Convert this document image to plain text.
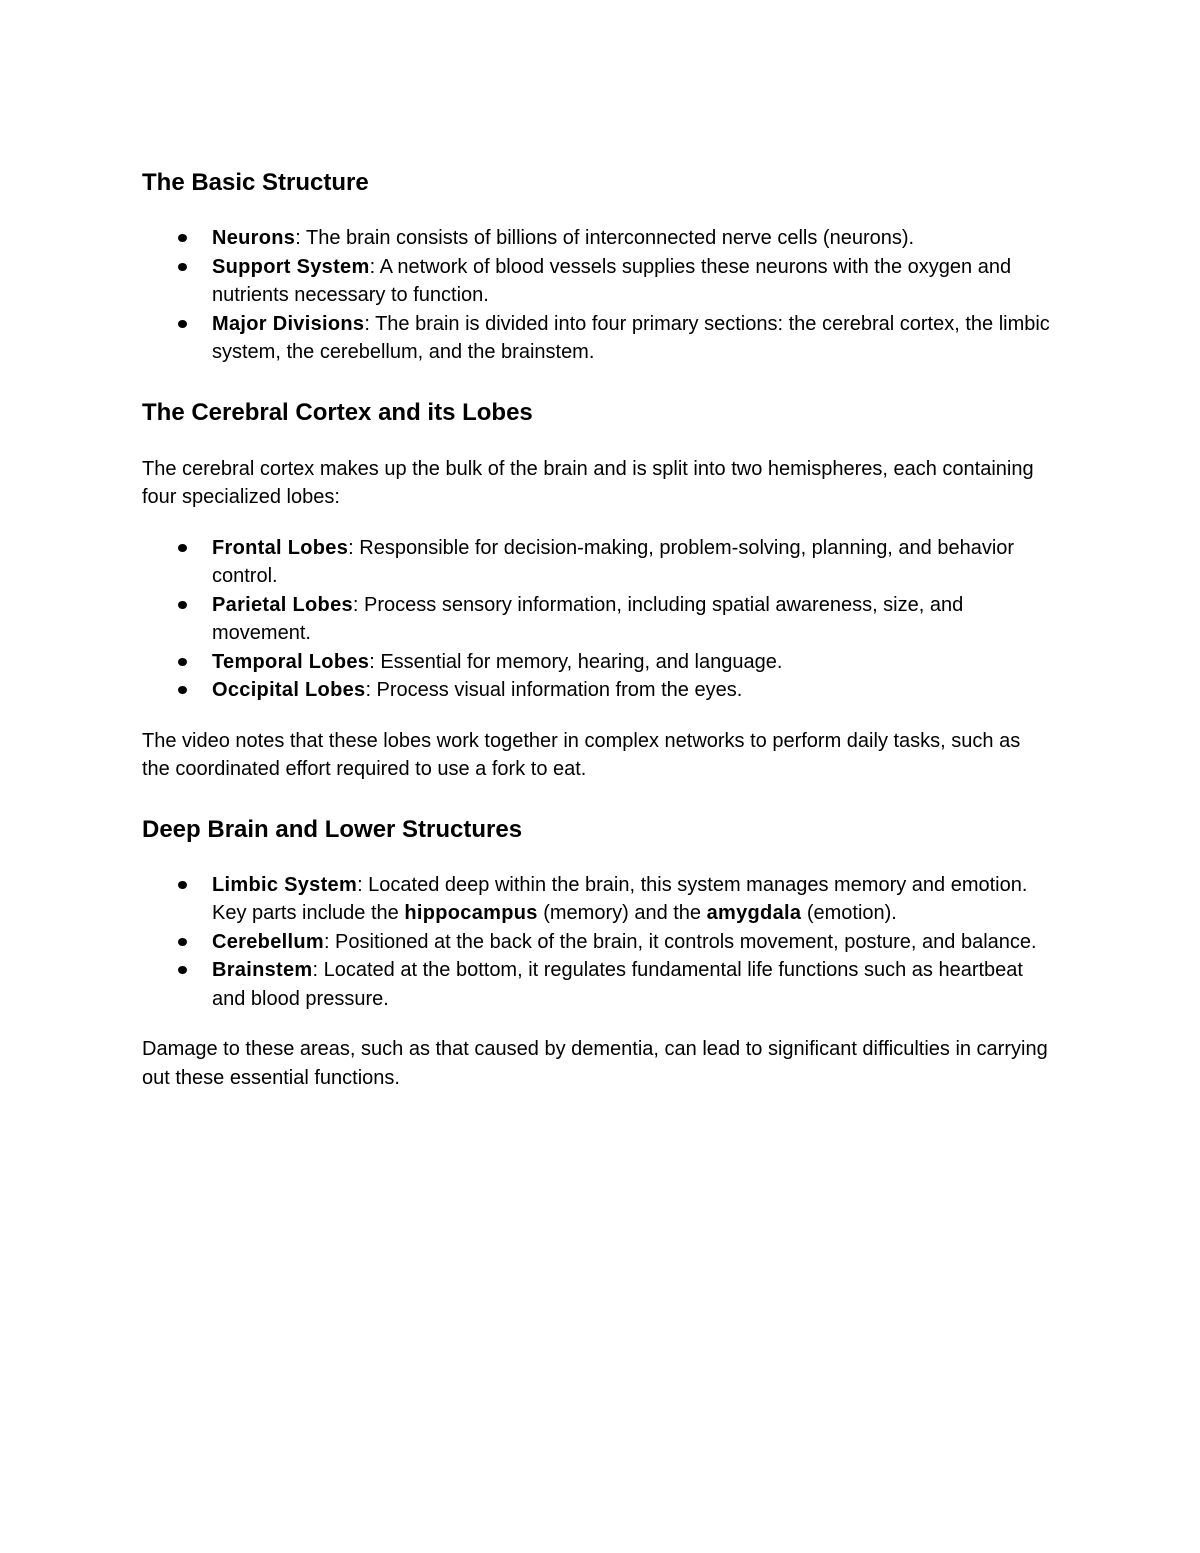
The Basic Structure
Neurons: The brain consists of billions of interconnected nerve cells (neurons).
Support System: A network of blood vessels supplies these neurons with the oxygen and nutrients necessary to function.
Major Divisions: The brain is divided into four primary sections: the cerebral cortex, the limbic system, the cerebellum, and the brainstem.
The Cerebral Cortex and its Lobes

The cerebral cortex makes up the bulk of the brain and is split into two hemispheres, each containing four specialized lobes:

Frontal Lobes: Responsible for decision-making, problem-solving, planning, and behavior control.
Parietal Lobes: Process sensory information, including spatial awareness, size, and movement.
Temporal Lobes: Essential for memory, hearing, and language.
Occipital Lobes: Process visual information from the eyes.

The video notes that these lobes work together in complex networks to perform daily tasks, such as the coordinated effort required to use a fork to eat.

Deep Brain and Lower Structures
Limbic System: Located deep within the brain, this system manages memory and emotion. Key parts include the hippocampus (memory) and the amygdala (emotion).
Cerebellum: Positioned at the back of the brain, it controls movement, posture, and balance.
Brainstem: Located at the bottom, it regulates fundamental life functions such as heartbeat and blood pressure.

Damage to these areas, such as that caused by dementia, can lead to significant difficulties in carrying out these essential functions.
